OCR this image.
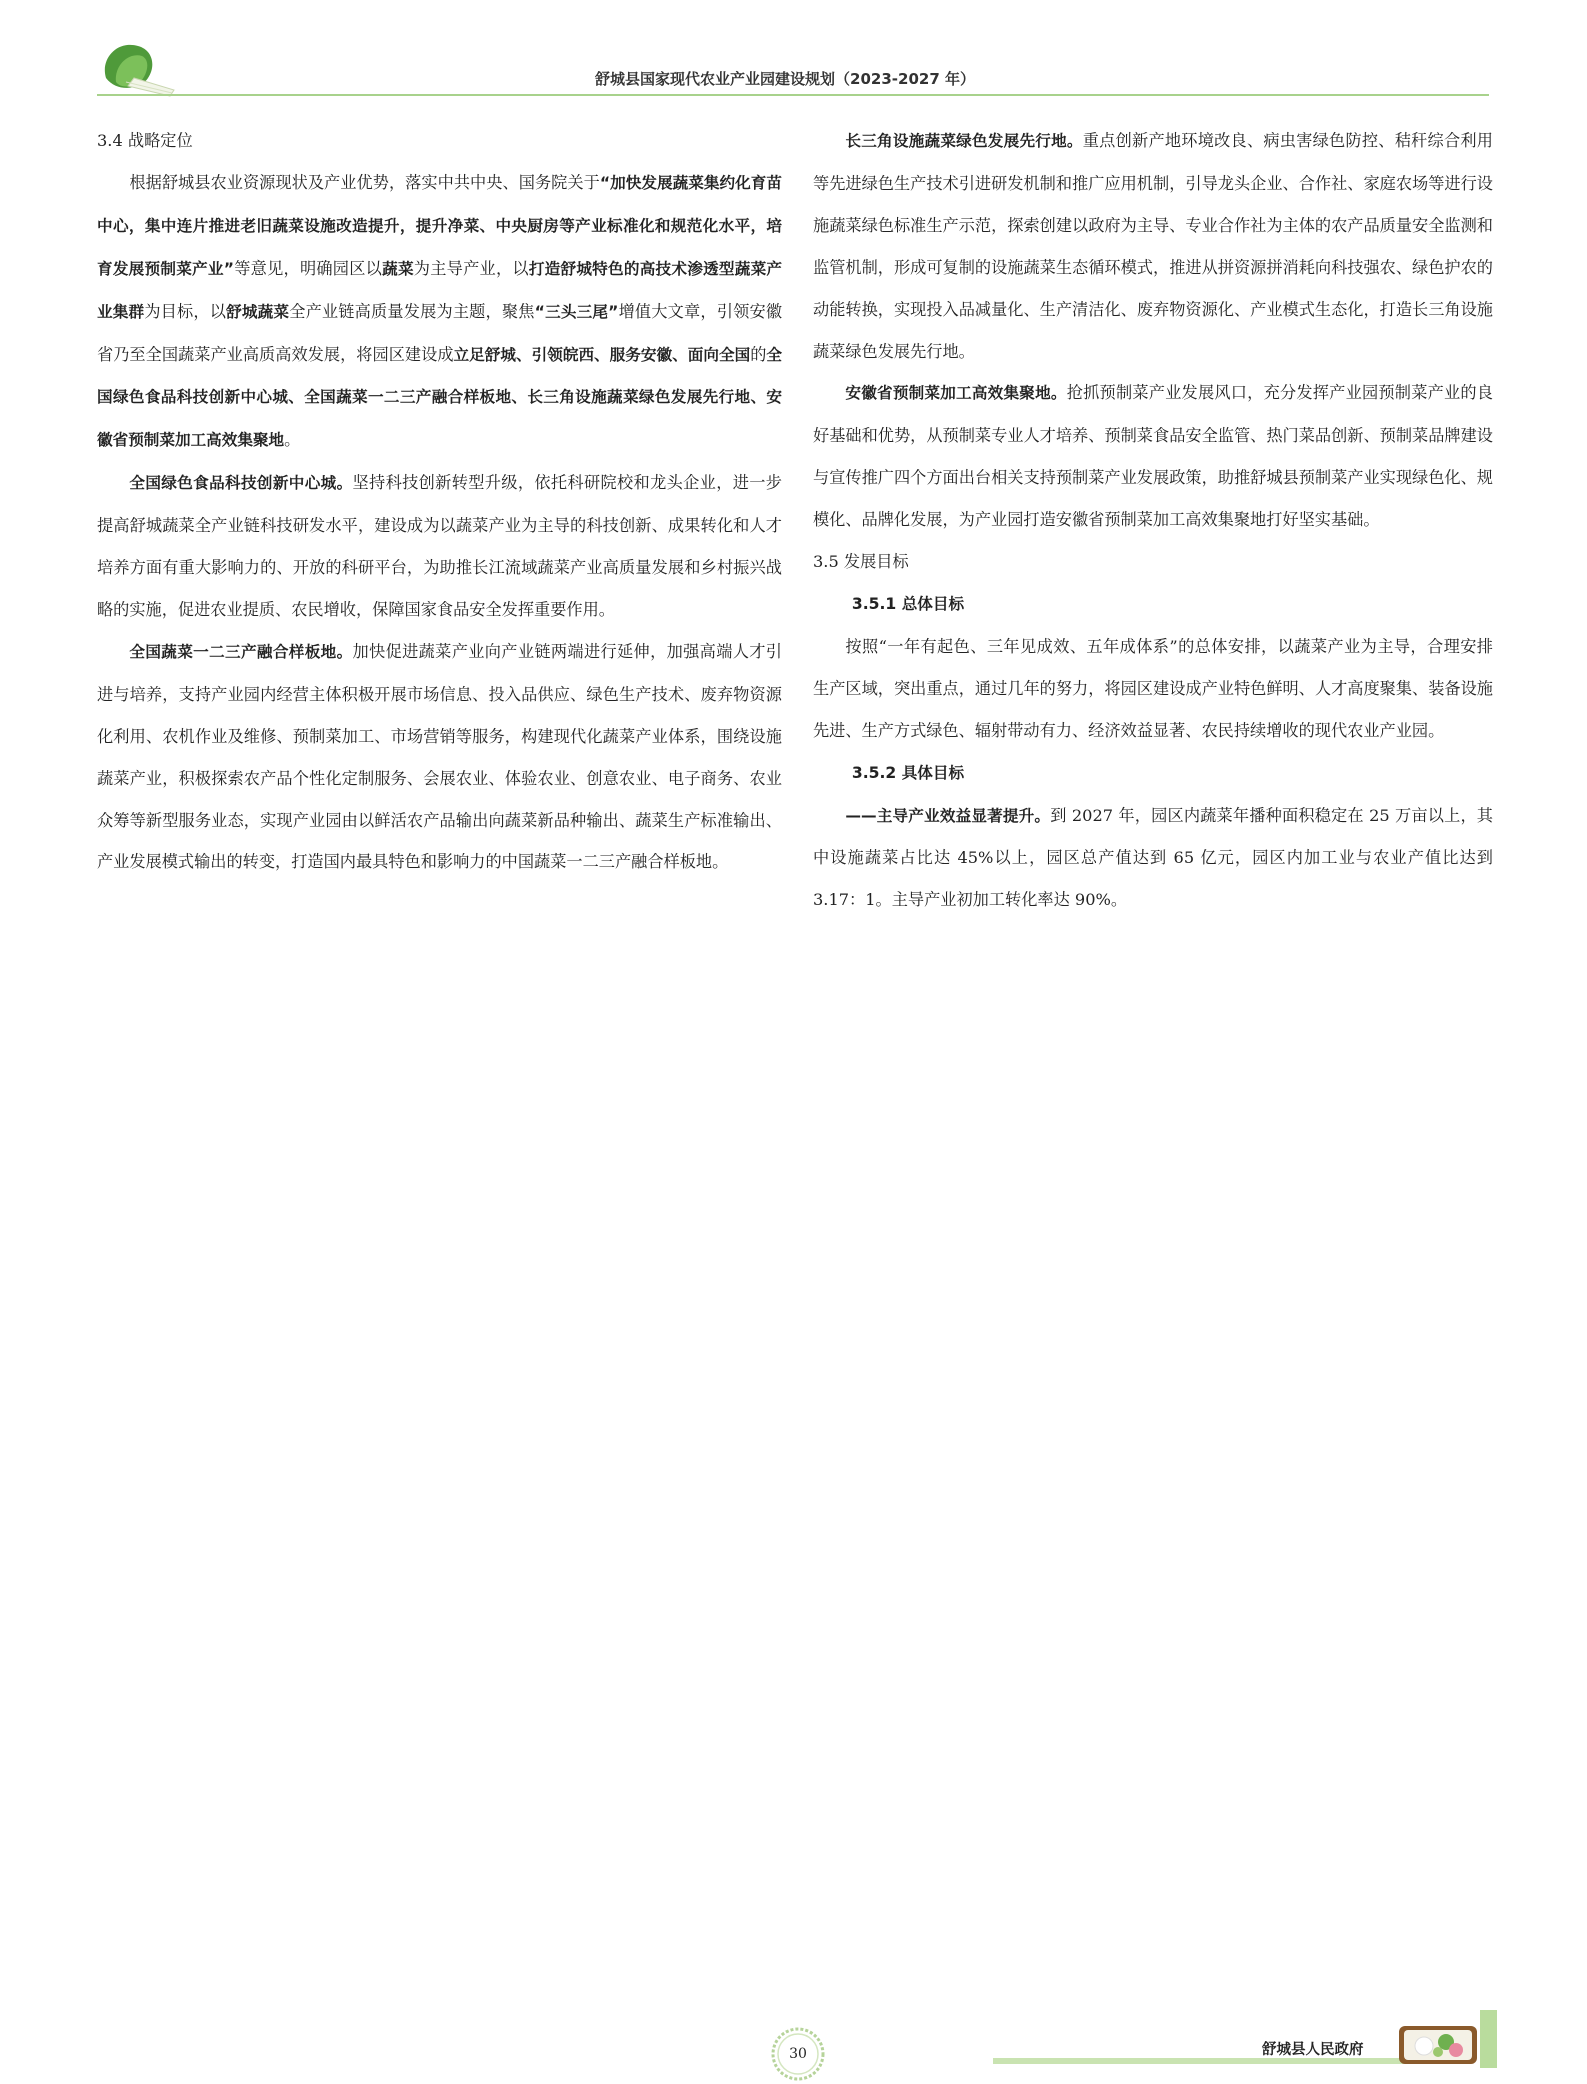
舒城县国家现代农业产业园建设规划（2023-2027 年）

3.4 战略定位

根据舒城县农业资源现状及产业优势，落实中共中央、国务院关于“加快发展蔬菜集约化育苗中心，集中连片推进老旧蔬菜设施改造提升，提升净菜、中央厨房等产业标准化和规范化水平，培育发展预制菜产业”等意见，明确园区以蔬菜为主导产业，以打造舒城特色的高技术渗透型蔬菜产业集群为目标，以舒城蔬菜全产业链高质量发展为主题，聚焦“三头三尾”增值大文章，引领安徽省乃至全国蔬菜产业高质高效发展，将园区建设成立足舒城、引领皖西、服务安徽、面向全国的全国绿色食品科技创新中心城、全国蔬菜一二三产融合样板地、长三角设施蔬菜绿色发展先行地、安徽省预制菜加工高效集聚地。

全国绿色食品科技创新中心城。坚持科技创新转型升级，依托科研院校和龙头企业，进一步提高舒城蔬菜全产业链科技研发水平，建设成为以蔬菜产业为主导的科技创新、成果转化和人才培养方面有重大影响力的、开放的科研平台，为助推长江流域蔬菜产业高质量发展和乡村振兴战略的实施，促进农业提质、农民增收，保障国家食品安全发挥重要作用。

全国蔬菜一二三产融合样板地。加快促进蔬菜产业向产业链两端进行延伸，加强高端人才引进与培养，支持产业园内经营主体积极开展市场信息、投入品供应、绿色生产技术、废弃物资源化利用、农机作业及维修、预制菜加工、市场营销等服务，构建现代化蔬菜产业体系，围绕设施蔬菜产业，积极探索农产品个性化定制服务、会展农业、体验农业、创意农业、电子商务、农业众筹等新型服务业态，实现产业园由以鲜活农产品输出向蔬菜新品种输出、蔬菜生产标准输出、产业发展模式输出的转变，打造国内最具特色和影响力的中国蔬菜一二三产融合样板地。

长三角设施蔬菜绿色发展先行地。重点创新产地环境改良、病虫害绿色防控、秸秆综合利用等先进绿色生产技术引进研发机制和推广应用机制，引导龙头企业、合作社、家庭农场等进行设施蔬菜绿色标准生产示范，探索创建以政府为主导、专业合作社为主体的农产品质量安全监测和监管机制，形成可复制的设施蔬菜生态循环模式，推进从拼资源拼消耗向科技强农、绿色护农的动能转换，实现投入品减量化、生产清洁化、废弃物资源化、产业模式生态化，打造长三角设施蔬菜绿色发展先行地。

安徽省预制菜加工高效集聚地。抢抓预制菜产业发展风口，充分发挥产业园预制菜产业的良好基础和优势，从预制菜专业人才培养、预制菜食品安全监管、热门菜品创新、预制菜品牌建设与宣传推广四个方面出台相关支持预制菜产业发展政策，助推舒城县预制菜产业实现绿色化、规模化、品牌化发展，为产业园打造安徽省预制菜加工高效集聚地打好坚实基础。

3.5 发展目标

3.5.1 总体目标

按照“一年有起色、三年见成效、五年成体系”的总体安排，以蔬菜产业为主导，合理安排生产区域，突出重点，通过几年的努力，将园区建设成产业特色鲜明、人才高度聚集、装备设施先进、生产方式绿色、辐射带动有力、经济效益显著、农民持续增收的现代农业产业园。

3.5.2 具体目标

——主导产业效益显著提升。到 2027 年，园区内蔬菜年播种面积稳定在 25 万亩以上，其中设施蔬菜占比达 45%以上，园区总产值达到 65 亿元，园区内加工业与农业产值比达到 3.17：1。主导产业初加工转化率达 90%。

30	舒城县人民政府
